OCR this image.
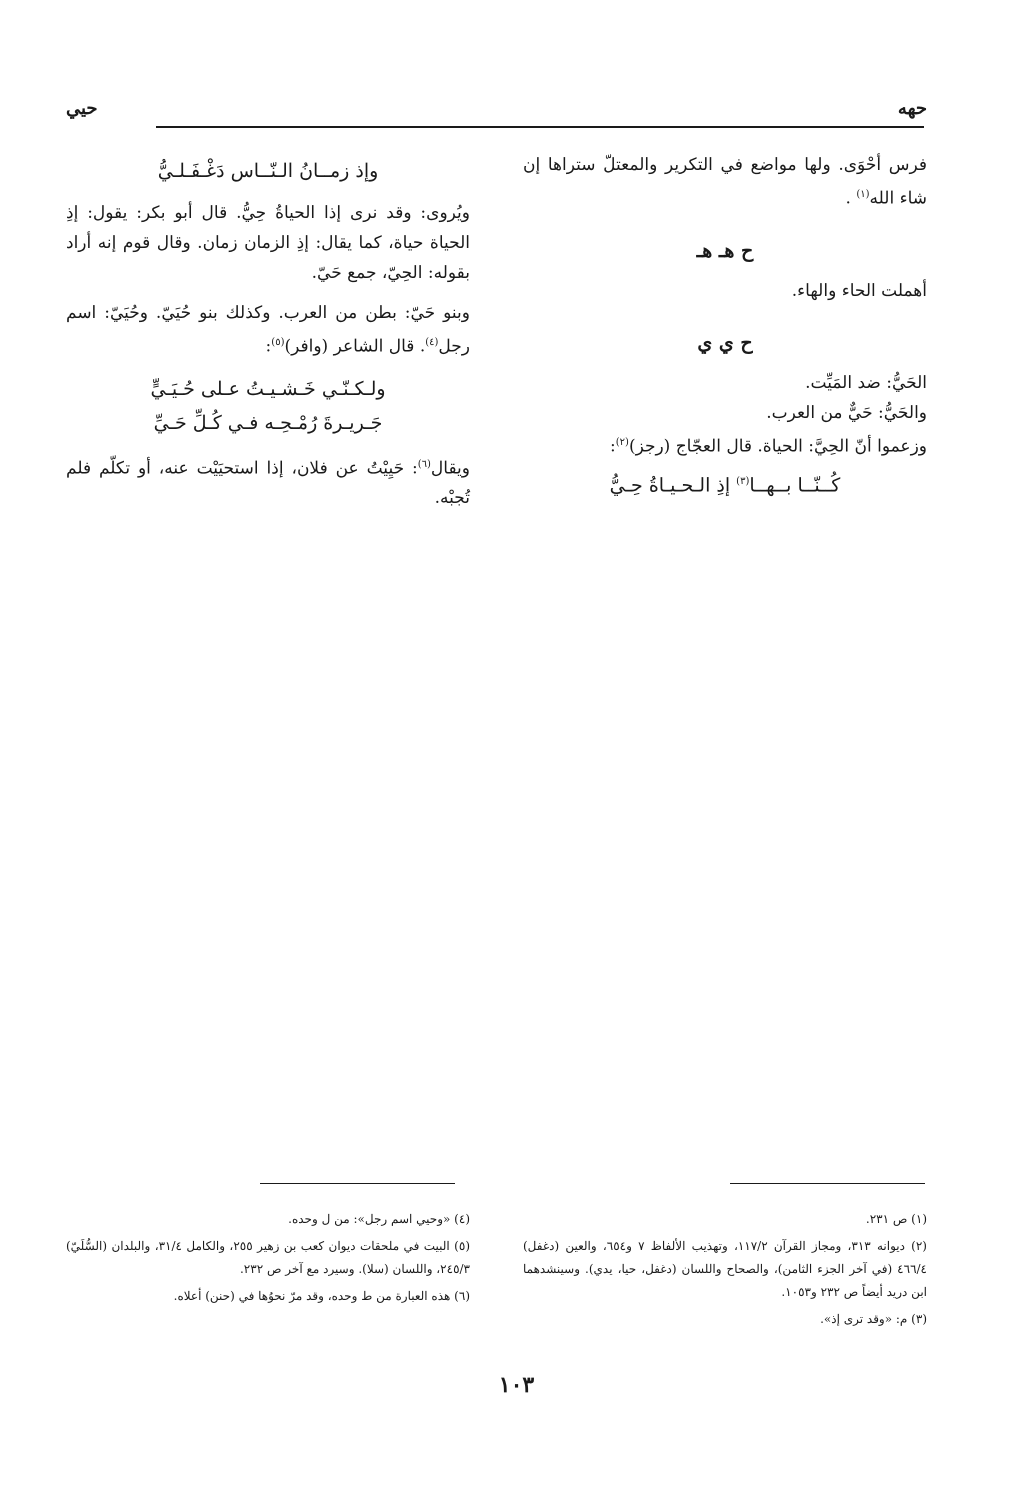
حهه
حيي

فرس أحْوَى. ولها مواضع في التكرير والمعتلّ ستراها إن شاء الله$^{(١)}$ .

ح هـ هـ

أهملت الحاء والهاء.

ح ي ي

الحَيُّ: ضد المَيِّت.

والحَيُّ: حَيٌّ من العرب.

وزعموا أنّ الحِيَّ: الحياة. قال العجّاج (رجز)$^{(٢)}$:

كُــنّــا بــهــا$^{(٣)}$ إذِ الـحـيـاةُ حِـيُّ
وإذ زمــانُ الـنّــاس دَغْـفَـلـيُّ

ويُروى: وقد نرى إذا الحياةُ حِيُّ. قال أبو بكر: يقول: إذِ الحياة حياة، كما يقال: إذِ الزمان زمان. وقال قوم إنه أراد بقوله: الحِيّ، جمع حَيّ.

وبنو حَيّ: بطن من العرب. وكذلك بنو حُيَيّ. وحُيَيّ: اسم رجل$^{(٤)}$. قال الشاعر (وافر)$^{(٥)}$:

ولـكـنّـي خَـشـيـتُ عـلى حُـيَـيٍّ
جَـريـرةَ رُمْـحِـه فـي كُـلِّ حَـيِّ

ويقال$^{(٦)}$: حَيِيْتُ عن فلان، إذا استحيَيْت عنه، أو تكلّم فلم تُجبْه.

(١) ص ٢٣١.

(٢) ديوانه ٣١٣، ومجاز القرآن ١١٧/٢، وتهذيب الألفاظ ٧ و٦٥٤، والعين (دغفل) ٤٦٦/٤ (في آخر الجزء الثامن)، والصحاح واللسان (دغفل، حيا، يدي). وسينشدهما ابن دريد أيضاً ص ٢٣٢ و١٠٥٣.

(٣) م: «وقد ترى إذ».

(٤) «وحيي اسم رجل»: من ل وحده.

(٥) البيت في ملحقات ديوان كعب بن زهير ٢٥٥، والكامل ٣١/٤، والبلدان (السُّلَيّ) ٢٤٥/٣، واللسان (سلا). وسيرد مع آخر ص ٢٣٢.

(٦) هذه العبارة من ط وحده، وقد مرّ نحوُها في (حنن) أعلاه.

١٠٣
